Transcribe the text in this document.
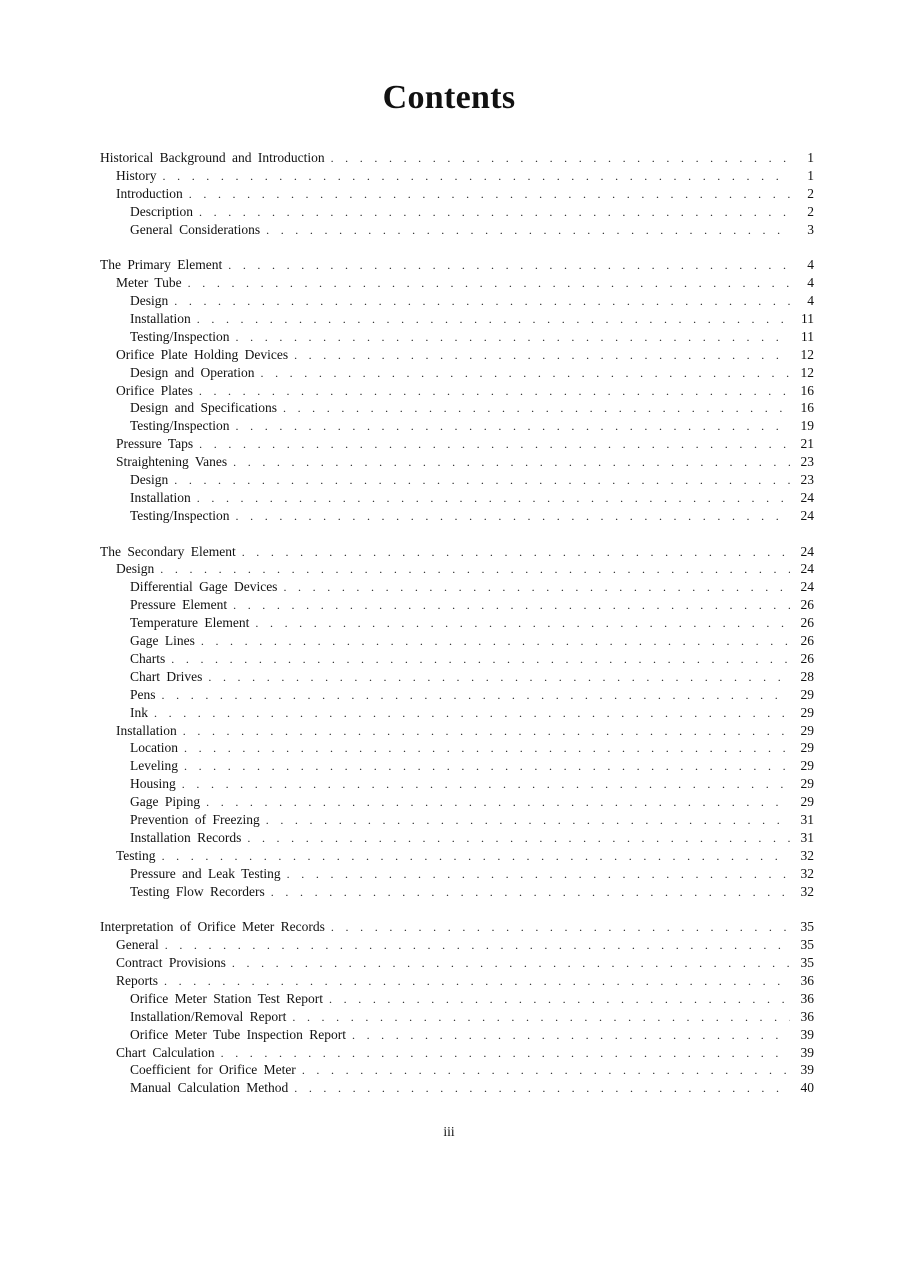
Contents
Historical Background and Introduction . . .	1
History . . .	1
Introduction . . .	2
Description . . .	2
General Considerations . . .	3
The Primary Element . . .	4
Meter Tube . . .	4
Design . . .	4
Installation . . .	11
Testing/Inspection . . .	11
Orifice Plate Holding Devices . . .	12
Design and Operation . . .	12
Orifice Plates . . .	16
Design and Specifications . . .	16
Testing/Inspection . . .	19
Pressure Taps . . .	21
Straightening Vanes . . .	23
Design . . .	23
Installation . . .	24
Testing/Inspection . . .	24
The Secondary Element . . .	24
Design . . .	24
Differential Gage Devices . . .	24
Pressure Element . . .	26
Temperature Element . . .	26
Gage Lines . . .	26
Charts . . .	26
Chart Drives . . .	28
Pens . . .	29
Ink . . .	29
Installation . . .	29
Location . . .	29
Leveling . . .	29
Housing . . .	29
Gage Piping . . .	29
Prevention of Freezing . . .	31
Installation Records . . .	31
Testing . . .	32
Pressure and Leak Testing . . .	32
Testing Flow Recorders . . .	32
Interpretation of Orifice Meter Records . . .	35
General . . .	35
Contract Provisions . . .	35
Reports . . .	36
Orifice Meter Station Test Report . . .	36
Installation/Removal Report . . .	36
Orifice Meter Tube Inspection Report . . .	39
Chart Calculation . . .	39
Coefficient for Orifice Meter . . .	39
Manual Calculation Method . . .	40
iii
